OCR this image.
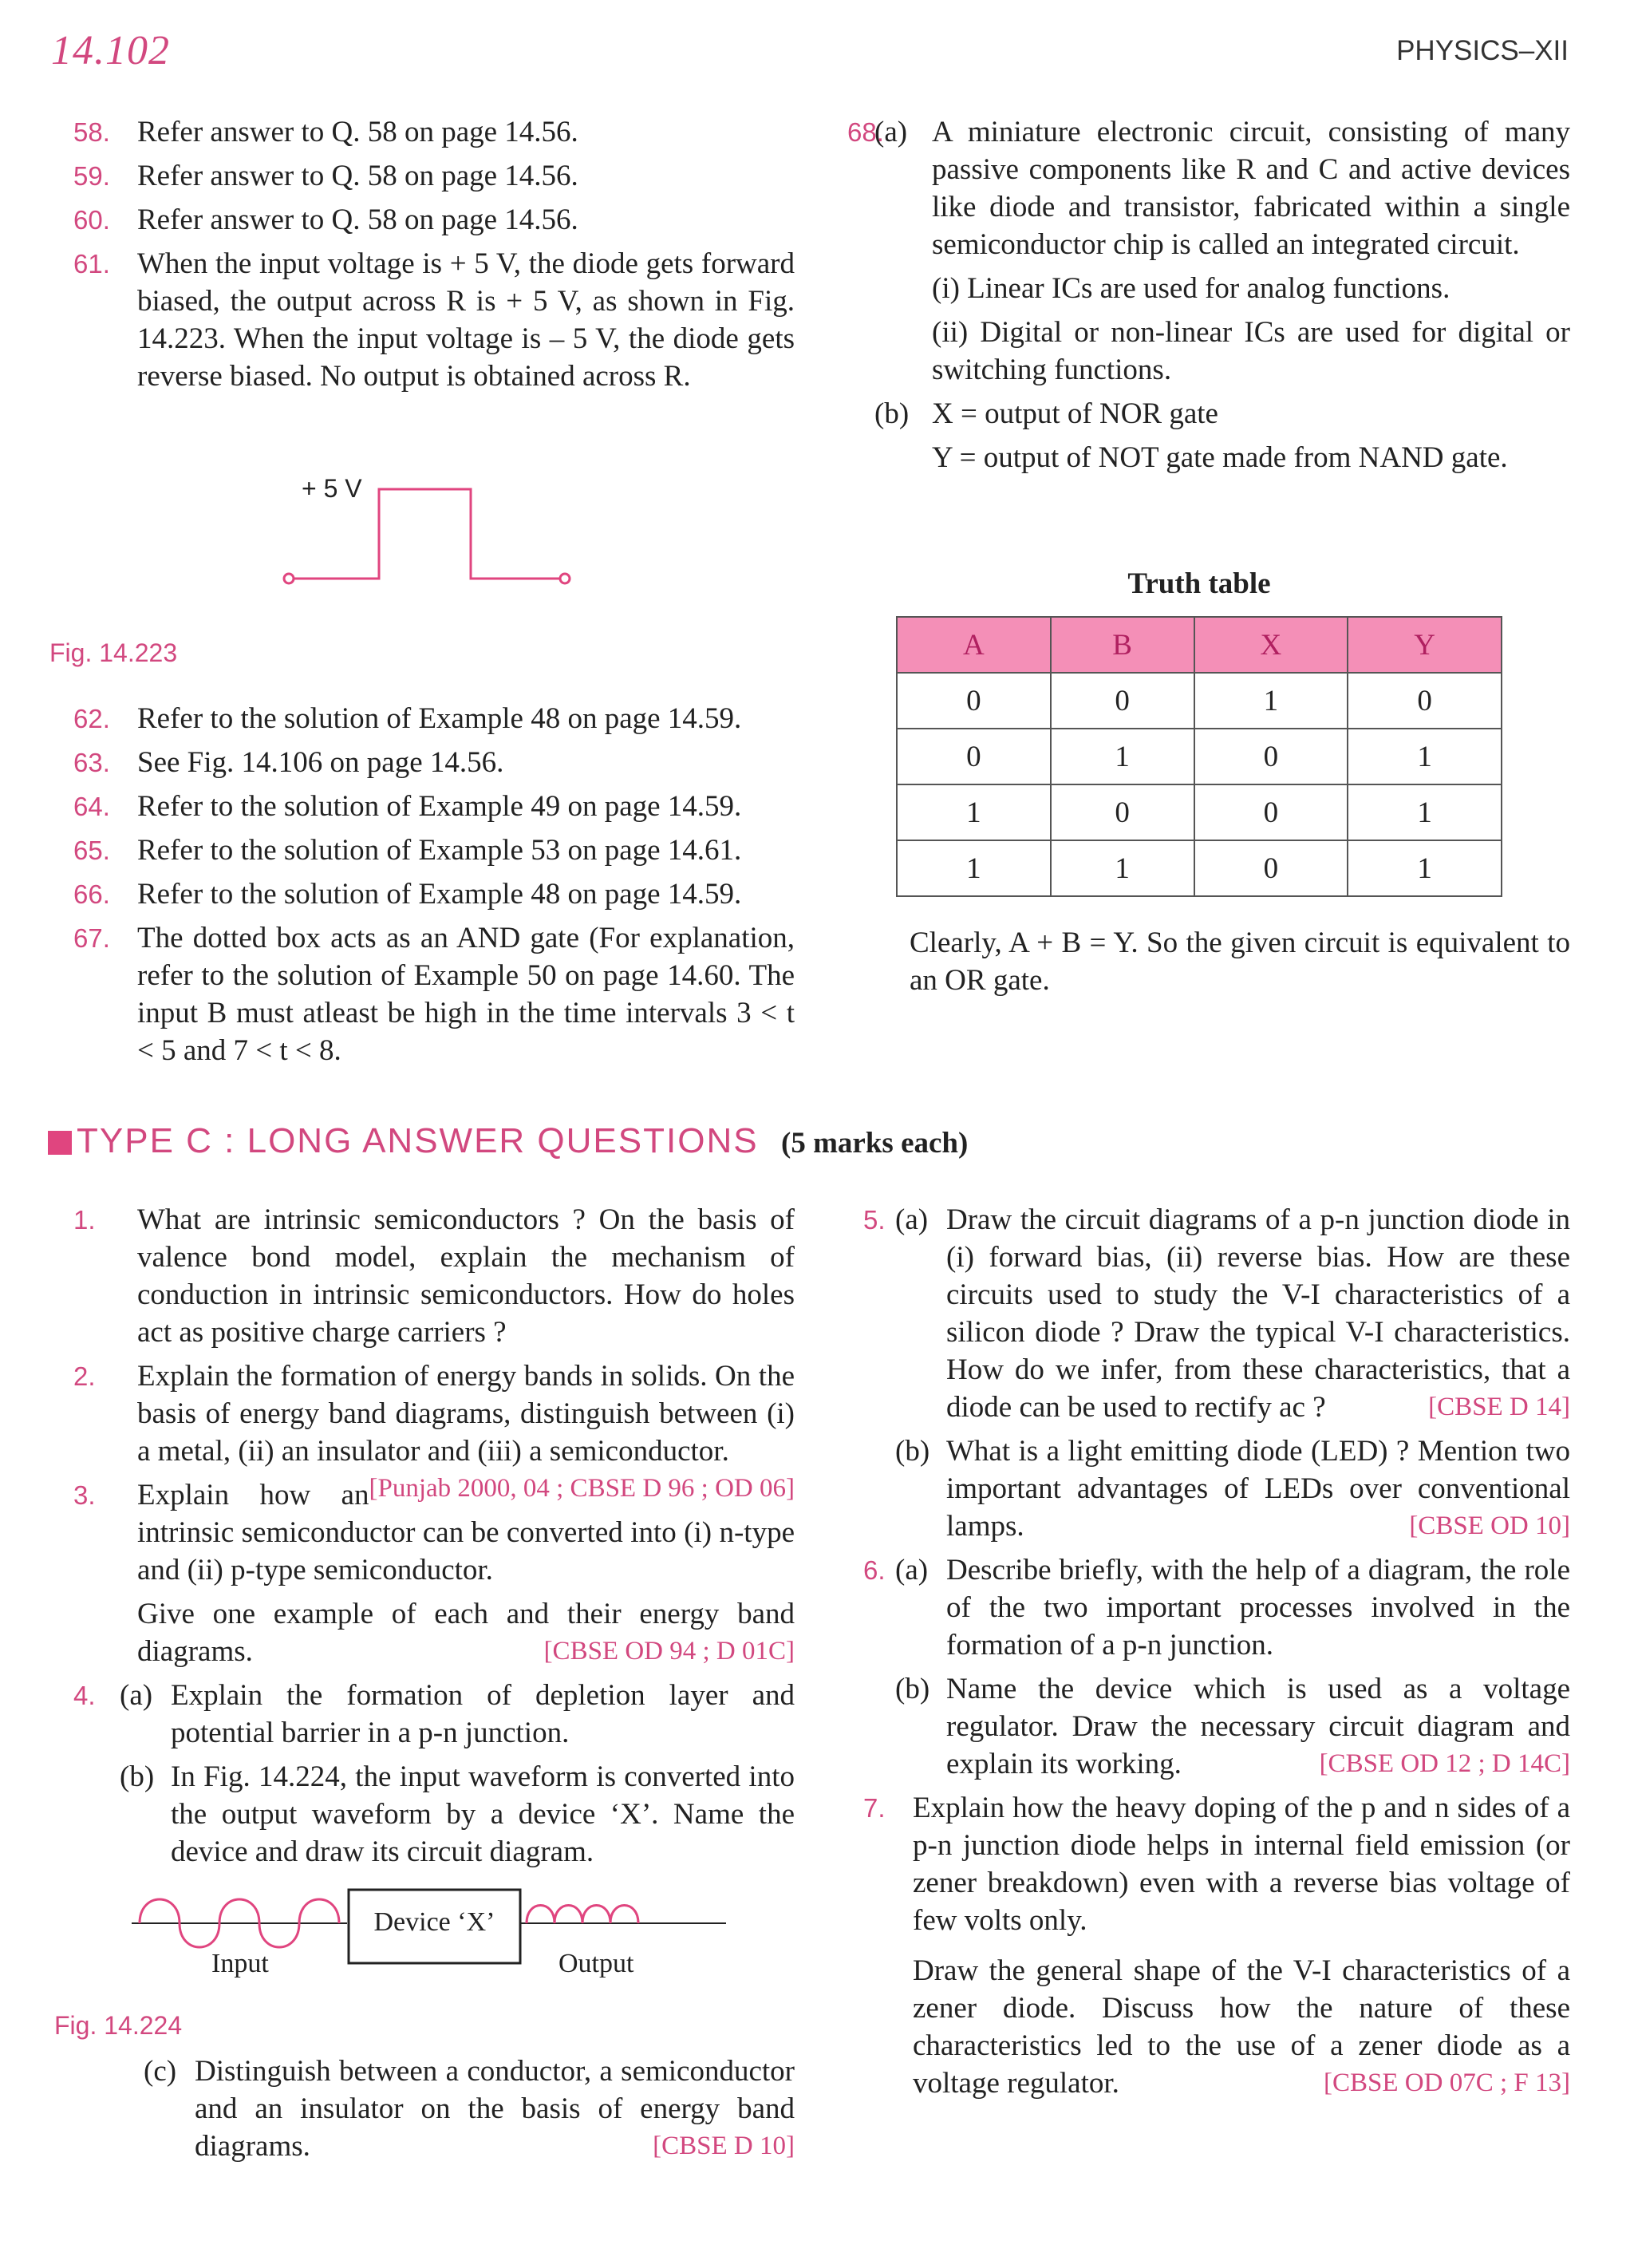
14.102	PHYSICS–XII

58. Refer answer to Q. 58 on page 14.56.

59. Refer answer to Q. 58 on page 14.56.

60. Refer answer to Q. 58 on page 14.56.

61. When the input voltage is + 5 V, the diode gets forward biased, the output across R is + 5 V, as shown in Fig. 14.223. When the input voltage is – 5 V, the diode gets reverse biased. No output is obtained across R.

+ 5 V
Fig. 14.223

62. Refer to the solution of Example 48 on page 14.59.

63. See Fig. 14.106 on page 14.56.

64. Refer to the solution of Example 49 on page 14.59.

65. Refer to the solution of Example 53 on page 14.61.

66. Refer to the solution of Example 48 on page 14.59.

67. The dotted box acts as an AND gate (For explanation, refer to the solution of Example 50 on page 14.60. The input B must atleast be high in the time intervals 3 < t < 5 and 7 < t < 8.

68.
(a) A miniature electronic circuit, consisting of many passive components like R and C and active devices like diode and transistor, fabricated within a single semiconductor chip is called an integrated circuit.

(i) Linear ICs are used for analog functions.

(ii) Digital or non-linear ICs are used for digital or switching functions.

(b) X = output of NOR gate

Y = output of NOT gate made from NAND gate.

Truth table
A	B	X	Y
0	0	1	0
0	1	0	1
1	0	0	1
1	1	0	1
Clearly, A + B = Y. So the given circuit is equivalent to an OR gate.
TYPE C : LONG ANSWER QUESTIONS (5 marks each)

1. What are intrinsic semiconductors ? On the basis of valence bond model, explain the mechanism of conduction in intrinsic semiconductors. How do holes act as positive charge carriers ?

2. Explain the formation of energy bands in solids. On the basis of energy band diagrams, distinguish between (i) a metal, (ii) an insulator and (iii) a semiconductor.
[Punjab 2000, 04 ; CBSE D 96 ; OD 06]

3. Explain how an intrinsic semiconductor can be converted into (i) n-type and (ii) p-type semiconductor.

Give one example of each and their energy band diagrams.	[CBSE OD 94 ; D 01C]

4. (a) Explain the formation of depletion layer and potential barrier in a p-n junction.

(b) In Fig. 14.224, the input waveform is converted into the output waveform by a device ‘X’. Name the device and draw its circuit diagram.

Device ‘X’
Input	Output
Fig. 14.224
(c) Distinguish between a conductor, a semiconductor and an insulator on the basis of energy band diagrams.	[CBSE D 10]

5. (a) Draw the circuit diagrams of a p-n junction diode in (i) forward bias, (ii) reverse bias. How are these circuits used to study the V-I characteristics of a silicon diode ? Draw the typical V-I characteristics. How do we infer, from these characteristics, that a diode can be used to rectify ac ?	[CBSE D 14]

(b) What is a light emitting diode (LED) ? Mention two important advantages of LEDs over conventional lamps.	[CBSE OD 10]

6. (a) Describe briefly, with the help of a diagram, the role of the two important processes involved in the formation of a p-n junction.

(b) Name the device which is used as a voltage regulator. Draw the necessary circuit diagram and explain its working.	[CBSE OD 12 ; D 14C]

7. Explain how the heavy doping of the p and n sides of a p-n junction diode helps in internal field emission (or zener breakdown) even with a reverse bias voltage of few volts only.

Draw the general shape of the V-I characteristics of a zener diode. Discuss how the nature of these characteristics led to the use of a zener diode as a voltage regulator.	[CBSE OD 07C ; F 13]
